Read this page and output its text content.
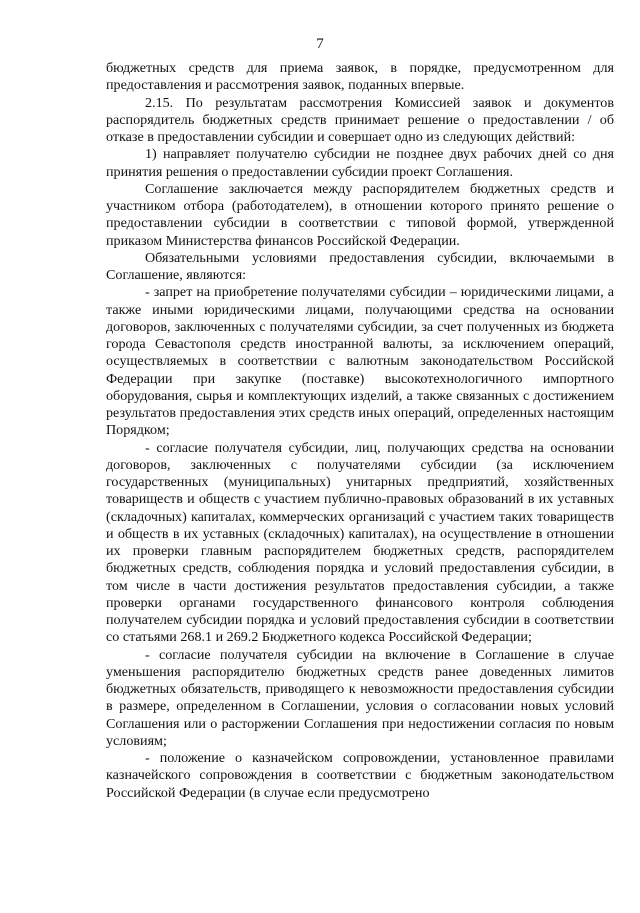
7

бюджетных средств для приема заявок, в порядке, предусмотренном для предоставления и рассмотрения заявок, поданных впервые.

2.15. По результатам рассмотрения Комиссией заявок и документов распорядитель бюджетных средств принимает решение о предоставлении / об отказе в предоставлении субсидии и совершает одно из следующих действий:

1) направляет получателю субсидии не позднее двух рабочих дней со дня принятия решения о предоставлении субсидии проект Соглашения.

Соглашение заключается между распорядителем бюджетных средств и участником отбора (работодателем), в отношении которого принято решение о предоставлении субсидии в соответствии с типовой формой, утвержденной приказом Министерства финансов Российской Федерации.

Обязательными условиями предоставления субсидии, включаемыми в Соглашение, являются:

- запрет на приобретение получателями субсидии – юридическими лицами, а также иными юридическими лицами, получающими средства на основании договоров, заключенных с получателями субсидии, за счет полученных из бюджета города Севастополя средств иностранной валюты, за исключением операций, осуществляемых в соответствии с валютным законодательством Российской Федерации при закупке (поставке) высокотехнологичного импортного оборудования, сырья и комплектующих изделий, а также связанных с достижением результатов предоставления этих средств иных операций, определенных настоящим Порядком;

- согласие получателя субсидии, лиц, получающих средства на основании договоров, заключенных с получателями субсидии (за исключением государственных (муниципальных) унитарных предприятий, хозяйственных товариществ и обществ с участием публично-правовых образований в их уставных (складочных) капиталах, коммерческих организаций с участием таких товариществ и обществ в их уставных (складочных) капиталах), на осуществление в отношении их проверки главным распорядителем бюджетных средств, распорядителем бюджетных средств, соблюдения порядка и условий предоставления субсидии, в том числе в части достижения результатов предоставления субсидии, а также проверки органами государственного финансового контроля соблюдения получателем субсидии порядка и условий предоставления субсидии в соответствии со статьями 268.1 и 269.2 Бюджетного кодекса Российской Федерации;

- согласие получателя субсидии на включение в Соглашение в случае уменьшения распорядителю бюджетных средств ранее доведенных лимитов бюджетных обязательств, приводящего к невозможности предоставления субсидии в размере, определенном в Соглашении, условия о согласовании новых условий Соглашения или о расторжении Соглашения при недостижении согласия по новым условиям;

- положение о казначейском сопровождении, установленное правилами казначейского сопровождения в соответствии с бюджетным законодательством Российской Федерации (в случае если предусмотрено
